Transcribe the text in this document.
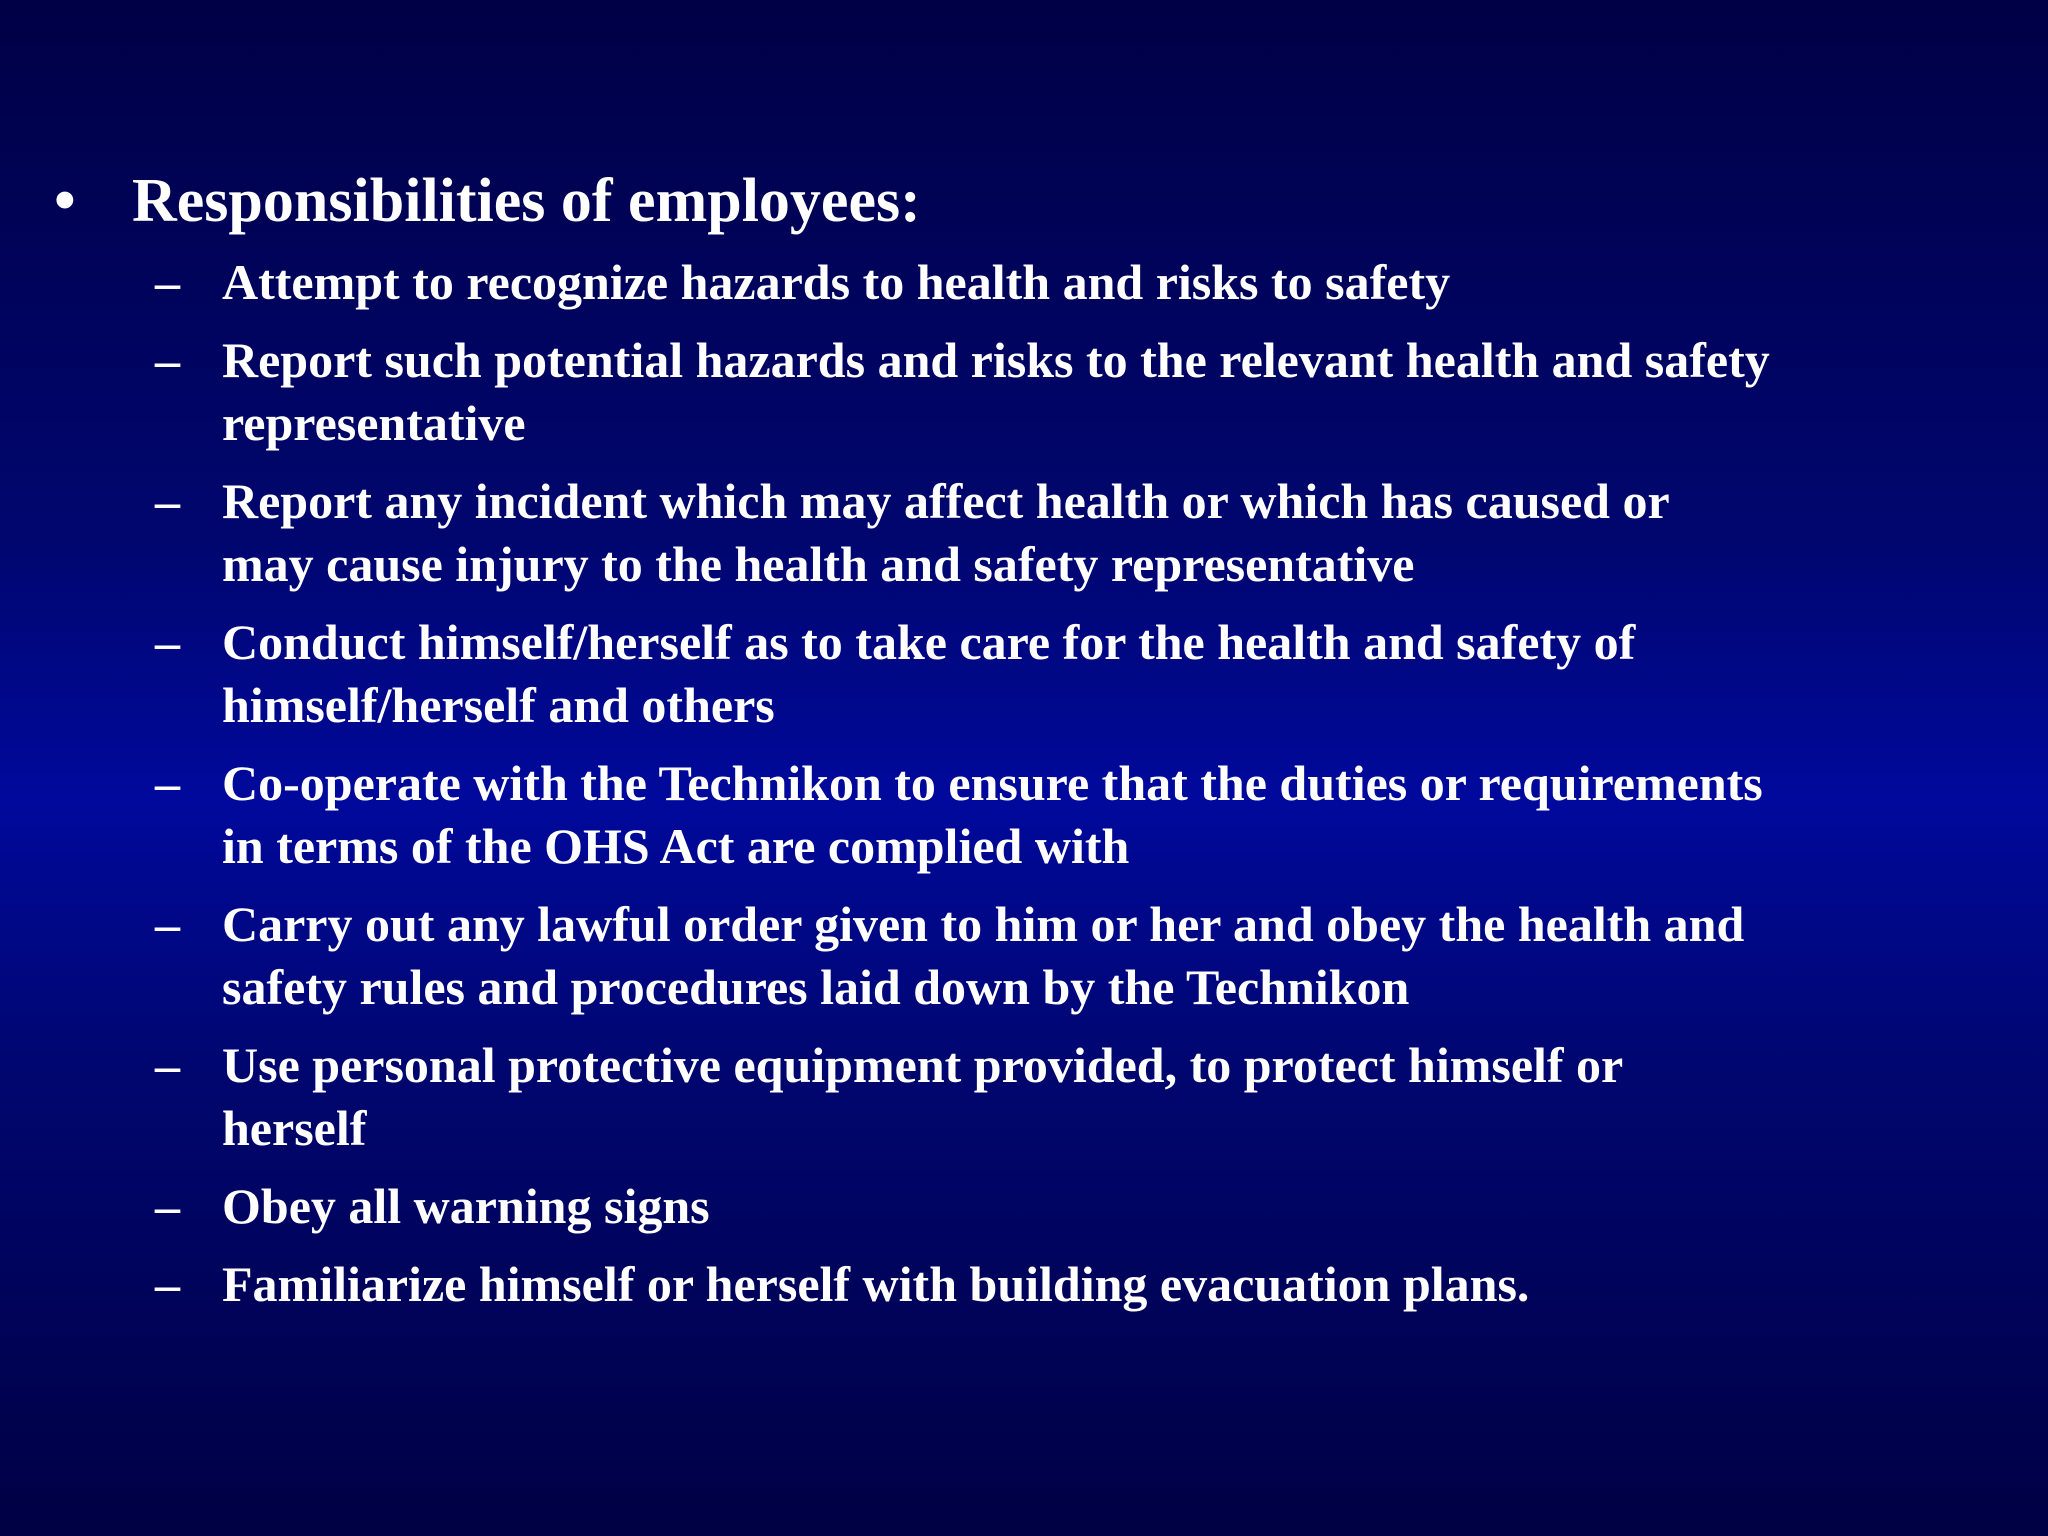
• Responsibilities of employees:
– Attempt to recognize hazards to health and risks to safety
– Report such potential hazards and risks to the relevant health and safety
representative
– Report any incident which may affect health or which has caused or
may cause injury to the health and safety representative
– Conduct himself/herself as to take care for the health and safety of
himself/herself and others
– Co-operate with the Technikon to ensure that the duties or requirements
in terms of the OHS Act are complied with
– Carry out any lawful order given to him or her and obey the health and
safety rules and procedures laid down by the Technikon
– Use personal protective equipment provided, to protect himself or
herself
– Obey all warning signs
– Familiarize himself or herself with building evacuation plans.
